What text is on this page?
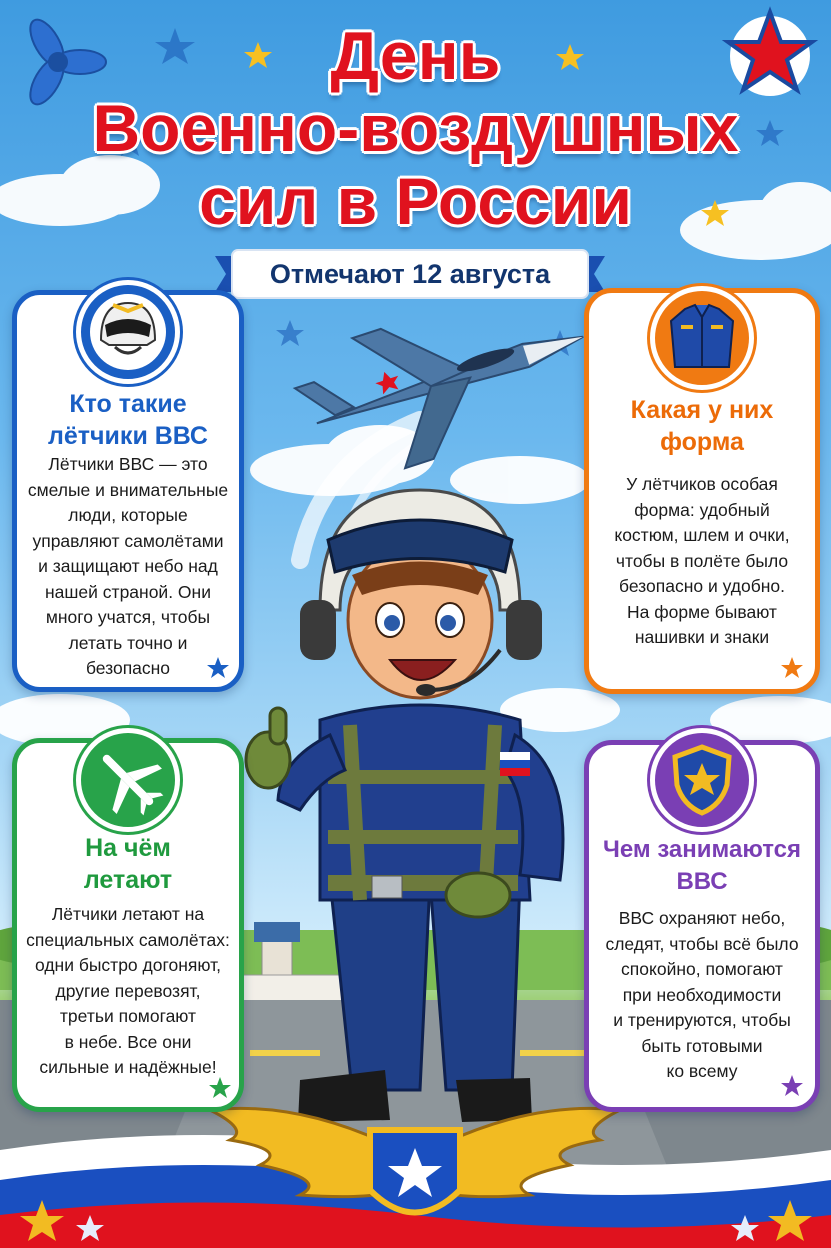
День
Военно-воздушных
сил в России
Отмечают 12 августа
Кто такие
лётчики ВВС
Лётчики ВВС — это
смелые и внимательные
люди, которые
управляют самолётами
и защищают небо над
нашей страной. Они
много учатся, чтобы
летать точно и
безопасно
Какая у них
форма
У лётчиков особая
форма: удобный
костюм, шлем и очки,
чтобы в полёте было
безопасно и удобно.
На форме бывают
нашивки и знаки
На чём
летают
Лётчики летают на
специальных самолётах:
одни быстро догоняют,
другие перевозят,
третьи помогают
в небе. Все они
сильные и надёжные!
Чем занимаются
ВВС
ВВС охраняют небо,
следят, чтобы всё было
спокойно, помогают
при необходимости
и тренируются, чтобы
быть готовыми
ко всему
